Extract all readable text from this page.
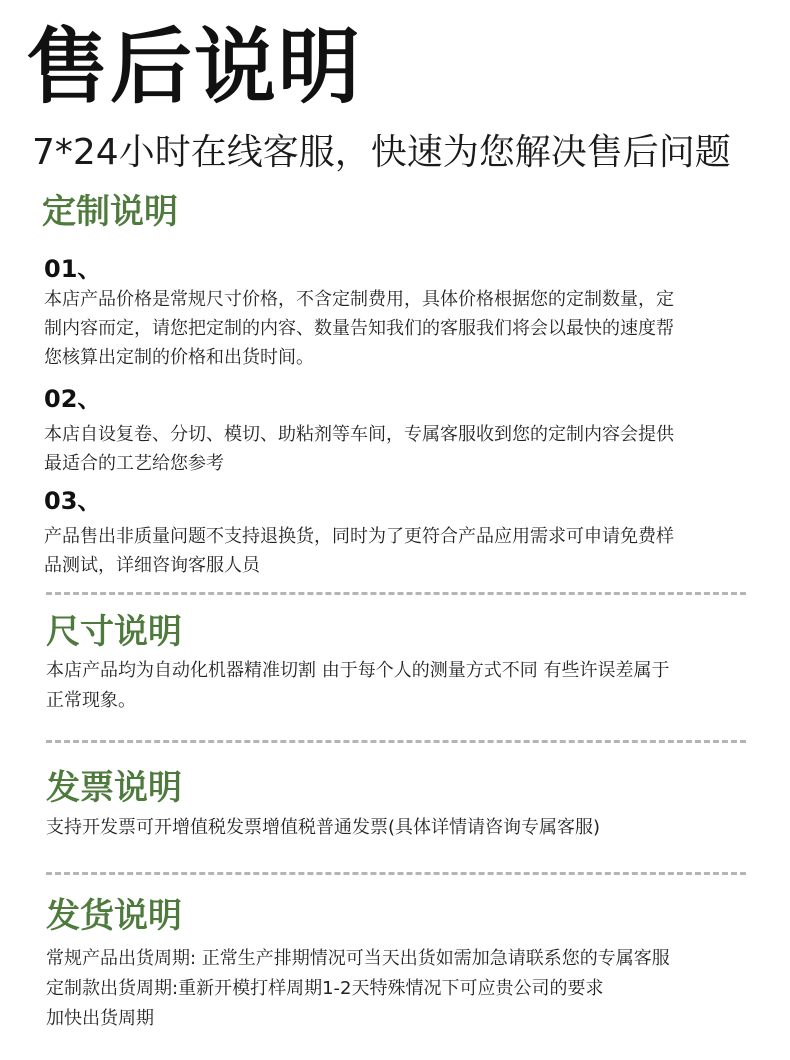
售后说明
7*24小时在线客服，快速为您解决售后问题
定制说明
01、
本店产品价格是常规尺寸价格，不含定制费用，具体价格根据您的定制数量，定
制内容而定，请您把定制的内容、数量告知我们的客服我们将会以最快的速度帮
您核算出定制的价格和出货时间。
02、
本店自设复卷、分切、模切、助粘剂等车间，专属客服收到您的定制内容会提供
最适合的工艺给您参考
03、
产品售出非质量问题不支持退换货，同时为了更符合产品应用需求可申请免费样
品测试，详细咨询客服人员
尺寸说明
本店产品均为自动化机器精准切割 由于每个人的测量方式不同 有些许误差属于
正常现象。
发票说明
支持开发票可开增值税发票增值税普通发票(具体详情请咨询专属客服)
发货说明
常规产品出货周期: 正常生产排期情况可当天出货如需加急请联系您的专属客服
定制款出货周期:重新开模打样周期1-2天特殊情况下可应贵公司的要求
加快出货周期
